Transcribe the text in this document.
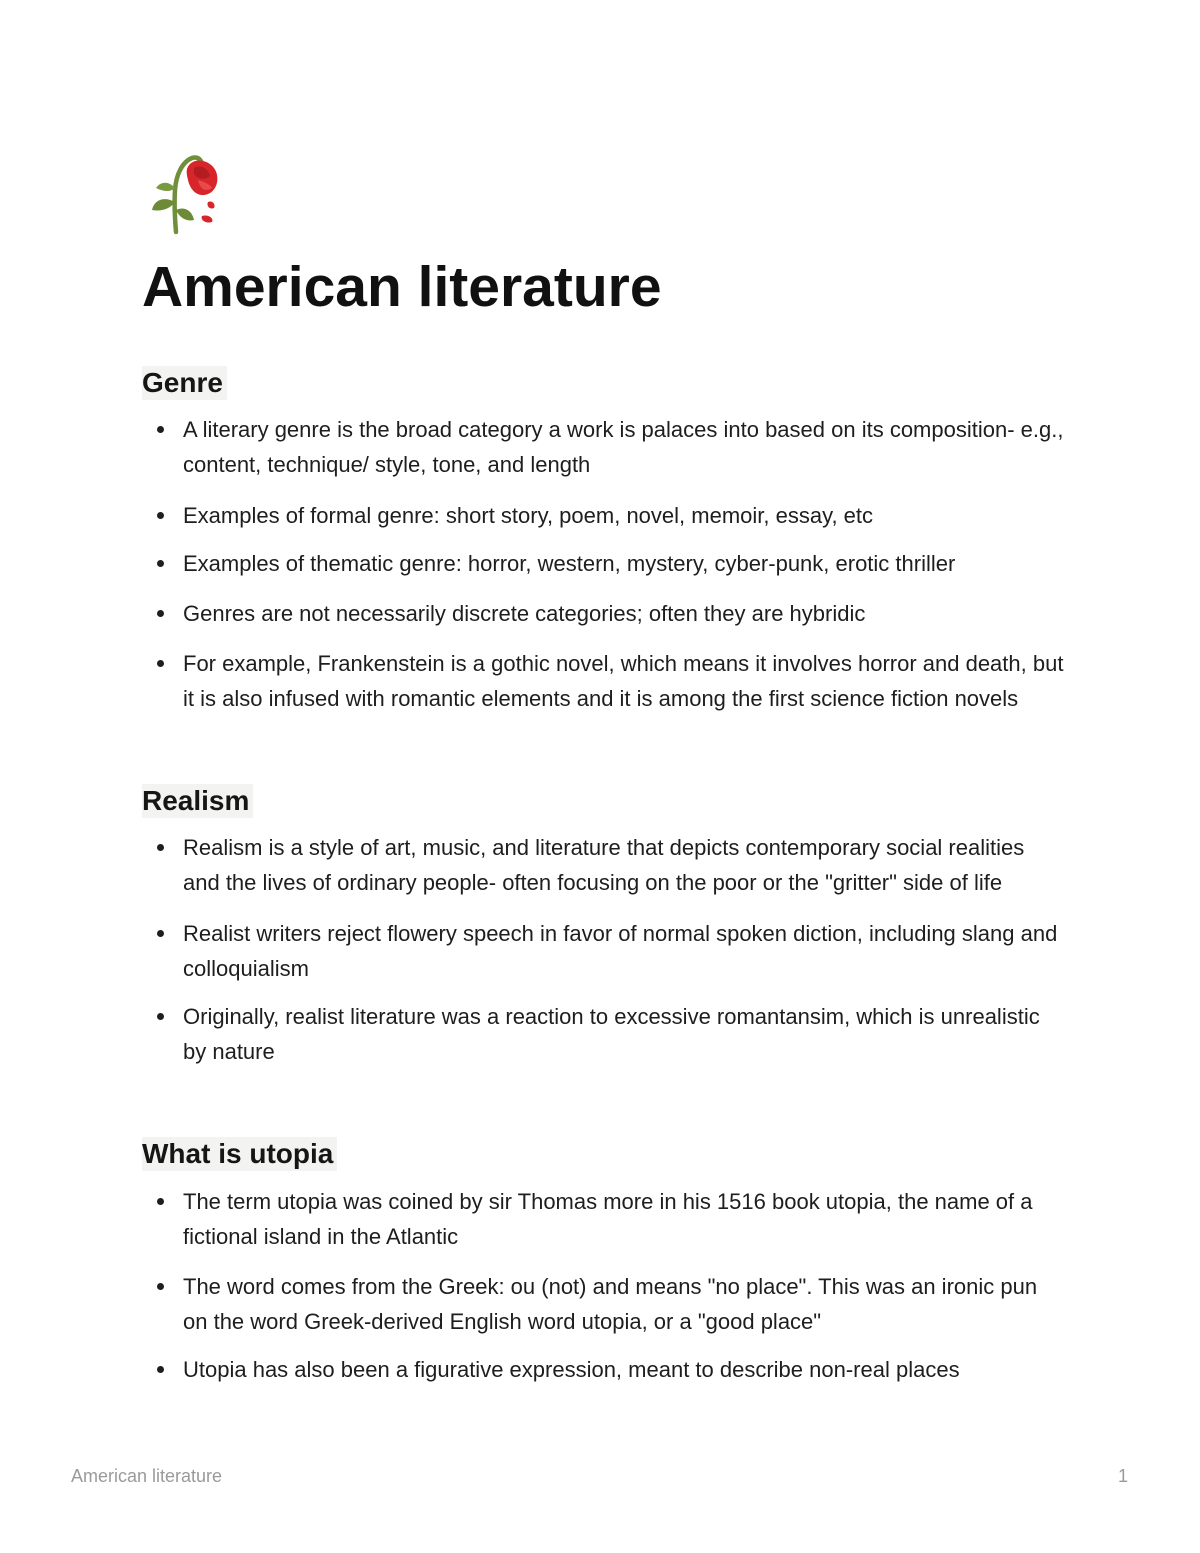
American literature
Genre
A literary genre is the broad category a work is palaces into based on its composition- e.g., content, technique/ style, tone, and length
Examples of formal genre: short story, poem, novel, memoir, essay, etc
Examples of thematic genre: horror, western, mystery, cyber-punk, erotic thriller
Genres are not necessarily discrete categories; often they are hybridic
For example, Frankenstein is a gothic novel, which means it involves horror and death, but it is also infused with romantic elements and it is among the first science fiction novels
Realism
Realism is a style of art, music, and literature that depicts contemporary social realities and the lives of ordinary people- often focusing on the poor or the "gritter" side of life
Realist writers reject flowery speech in favor of normal spoken diction, including slang and colloquialism
Originally, realist literature was a reaction to excessive romantansim, which is unrealistic by nature
What is utopia
The term utopia was coined by sir Thomas more in his 1516 book utopia, the name of a fictional island in the Atlantic
The word comes from the Greek: ou (not) and means "no place". This was an ironic pun on the word Greek-derived English word utopia, or a "good place"
Utopia has also been a figurative expression, meant to describe non-real places
American literature	1
